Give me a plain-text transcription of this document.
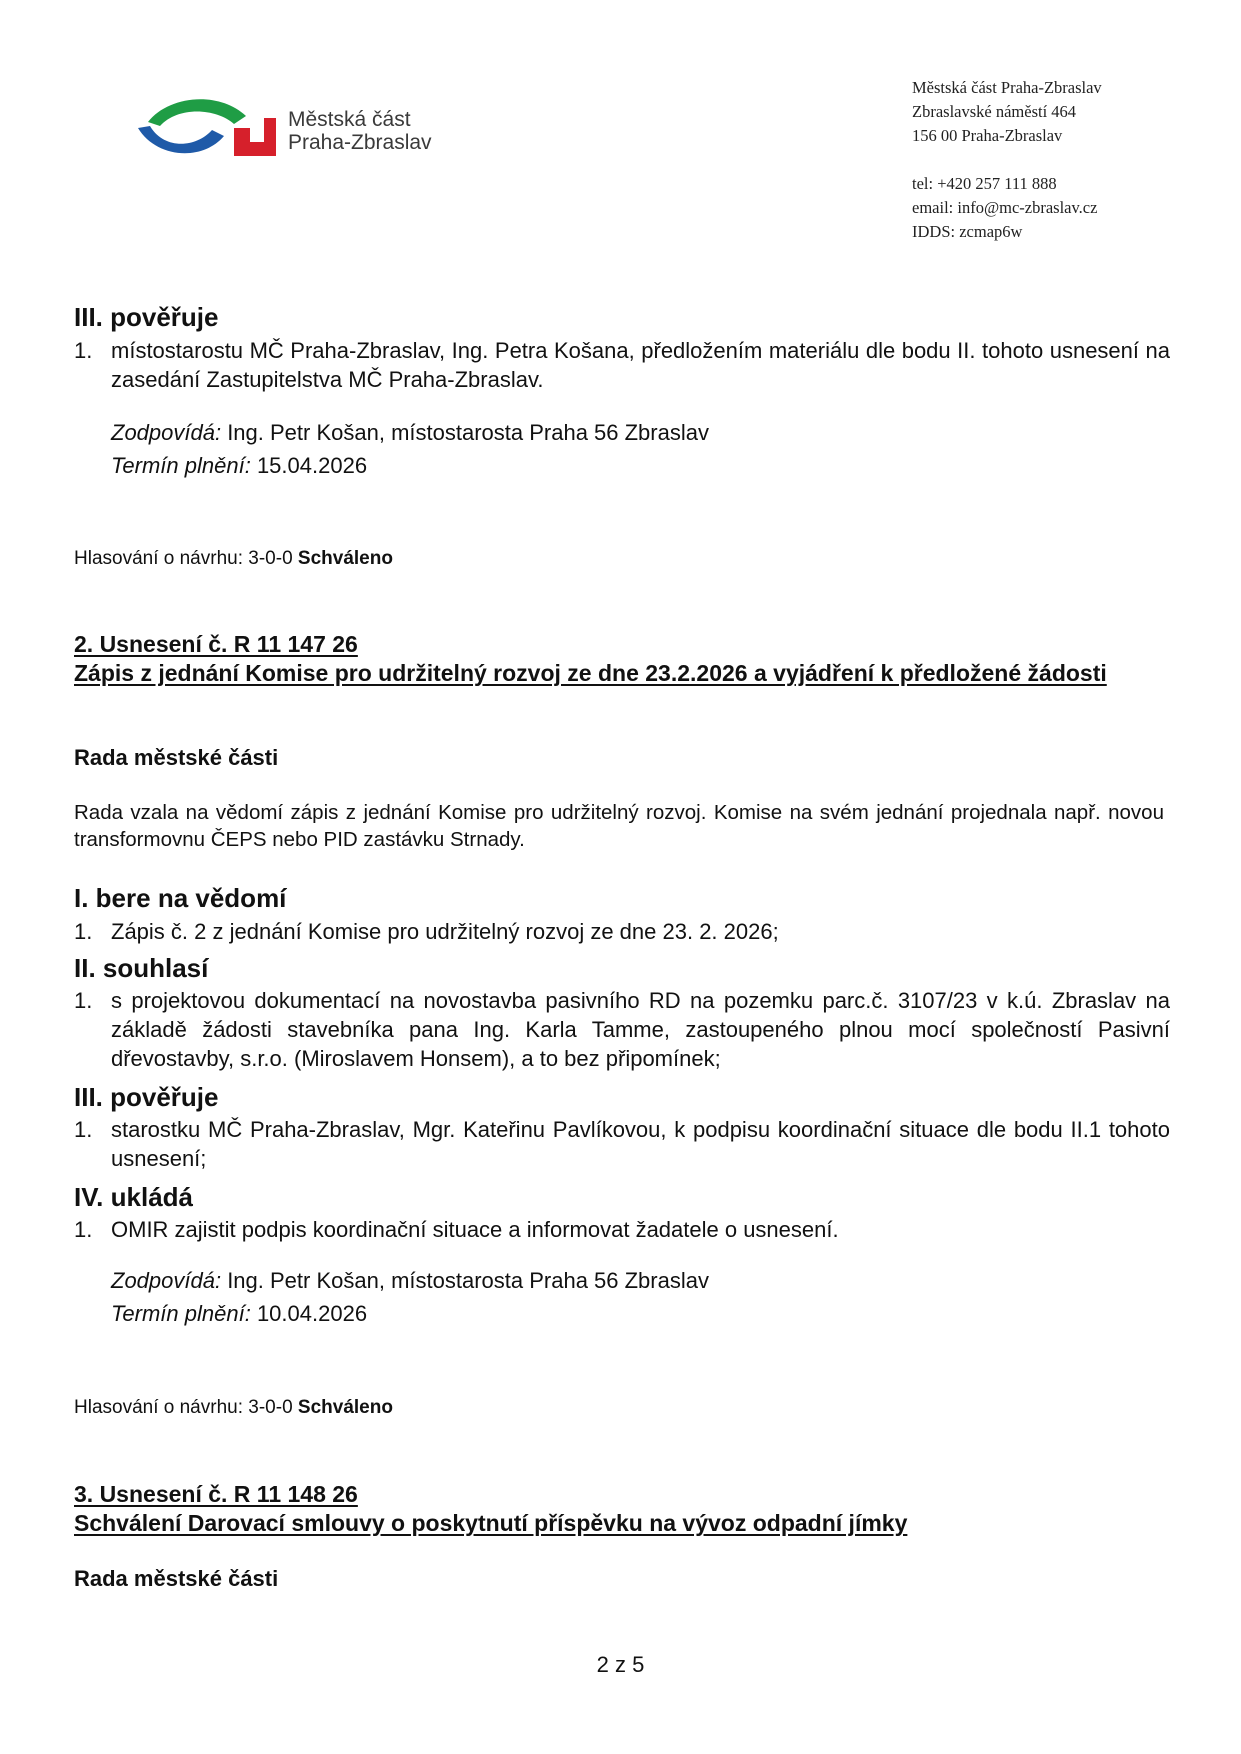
Městská část
Praha-Zbraslav
Městská část Praha-Zbraslav
Zbraslavské náměstí 464
156 00 Praha-Zbraslav
tel: +420 257 111 888
email: info@mc-zbraslav.cz
IDDS: zcmap6w
III. pověřuje
1. místostarostu MČ Praha-Zbraslav, Ing. Petra Košana, předložením materiálu dle bodu II. tohoto usnesení na zasedání Zastupitelstva MČ Praha-Zbraslav.
Zodpovídá: Ing. Petr Košan, místostarosta Praha 56 Zbraslav
Termín plnění: 15.04.2026
Hlasování o návrhu: 3-0-0 Schváleno
2. Usnesení č. R 11 147 26
Zápis z jednání Komise pro udržitelný rozvoj ze dne 23.2.2026 a vyjádření k předložené žádosti
Rada městské části
Rada vzala na vědomí zápis z jednání Komise pro udržitelný rozvoj. Komise na svém jednání projednala např. novou transformovnu ČEPS nebo PID zastávku Strnady.
I. bere na vědomí
1. Zápis č. 2 z jednání Komise pro udržitelný rozvoj ze dne 23. 2. 2026;
II. souhlasí
1. s projektovou dokumentací na novostavba pasivního RD na pozemku parc.č. 3107/23 v k.ú. Zbraslav na základě žádosti stavebníka pana Ing. Karla Tamme, zastoupeného plnou mocí společností Pasivní dřevostavby, s.r.o. (Miroslavem Honsem), a to bez připomínek;
III. pověřuje
1. starostku MČ Praha-Zbraslav, Mgr. Kateřinu Pavlíkovou, k podpisu koordinační situace dle bodu II.1 tohoto usnesení;
IV. ukládá
1. OMIR zajistit podpis koordinační situace a informovat žadatele o usnesení.
Zodpovídá: Ing. Petr Košan, místostarosta Praha 56 Zbraslav
Termín plnění: 10.04.2026
Hlasování o návrhu: 3-0-0 Schváleno
3. Usnesení č. R 11 148 26
Schválení Darovací smlouvy o poskytnutí příspěvku na vývoz odpadní jímky
Rada městské části
2 z 5
